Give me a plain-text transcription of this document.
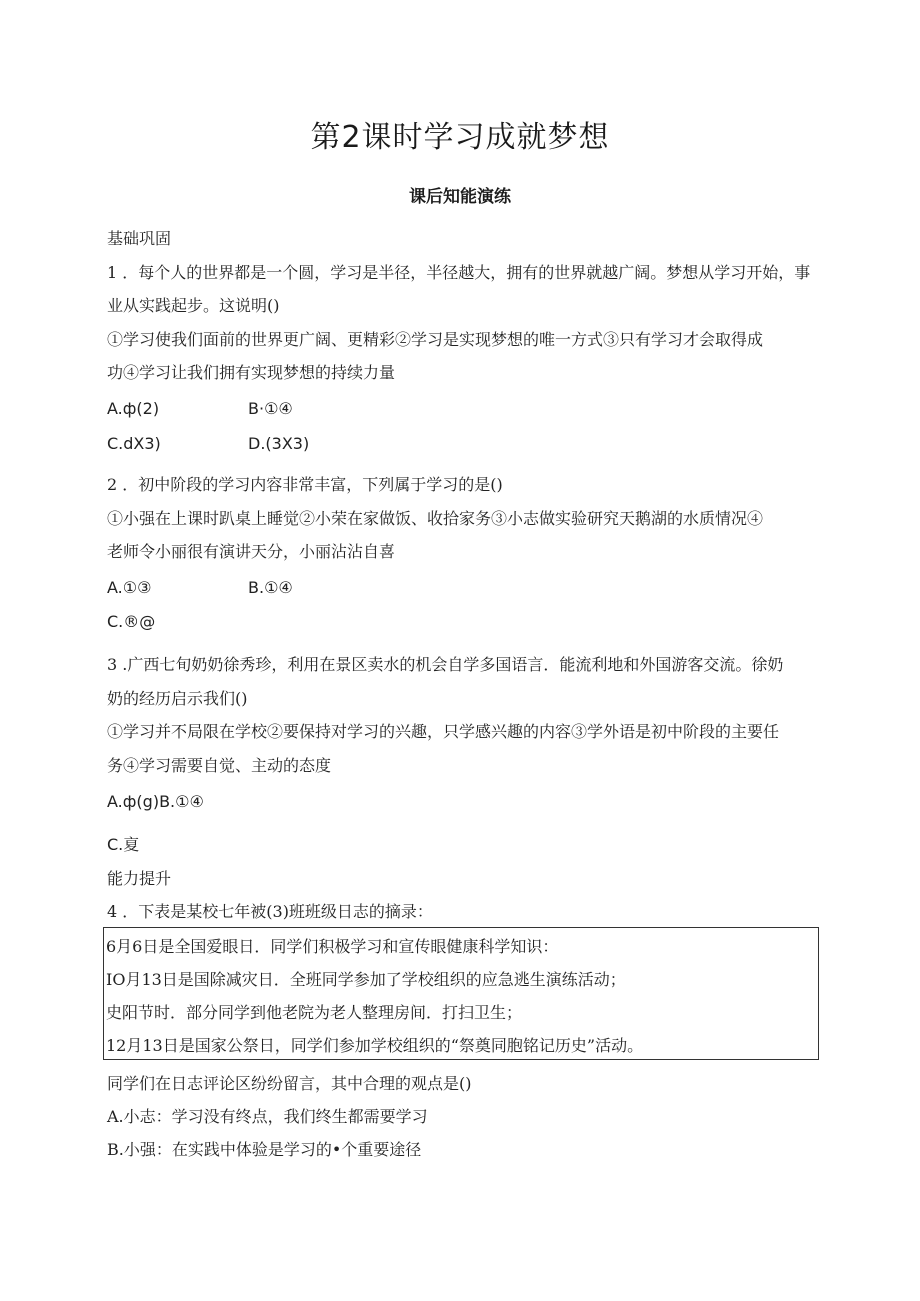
第2课时学习成就梦想
课后知能演练
基础巩固
1 ．每个人的世界都是一个圆，学习是半径，半径越大，拥有的世界就越广阔。梦想从学习开始，事
业从实践起步。这说明()
①学习使我们面前的世界更广阔、更精彩②学习是实现梦想的唯一方式③只有学习才会取得成
功④学习让我们拥有实现梦想的持续力量
A.ф(2)	B·①④
C.dX3)	D.(3X3)
2 ．初中阶段的学习内容非常丰富，下列属于学习的是()
①小强在上课时趴桌上睡觉②小荣在家做饭、收拾家务③小志做实验研究天鹅湖的水质情况④
老师令小丽很有演讲天分，小丽沾沾自喜
A.①③	B.①④
C.®@
3 .广西七旬奶奶徐秀珍，利用在景区卖水的机会自学多国语言．能流利地和外国游客交流。徐奶
奶的经历启示我们()
①学习并不局限在学校②要保持对学习的兴趣，只学感兴趣的内容③学外语是初中阶段的主要任
务④学习需要自觉、主动的态度
A.ф(g)B.①④
C.㚆
能力提升
4 ．下表是某校七年被(3)班班级日志的摘录：
6月6日是全国爱眼日．同学们积极学习和宣传眼健康科学知识：
IO月13日是国除减灾日．全班同学参加了学校组织的应急逃生演练活动；
史阳节时．部分同学到他老院为老人整理房间．打扫卫生；
12月13日是国家公祭日，同学们参加学校组织的“祭奠同胞铭记历史”活动。
同学们在日志评论区纷纷留言，其中合理的观点是()
A.小志：学习没有终点，我们终生都需要学习
B.小强：在实践中体验是学习的•个重要途径
